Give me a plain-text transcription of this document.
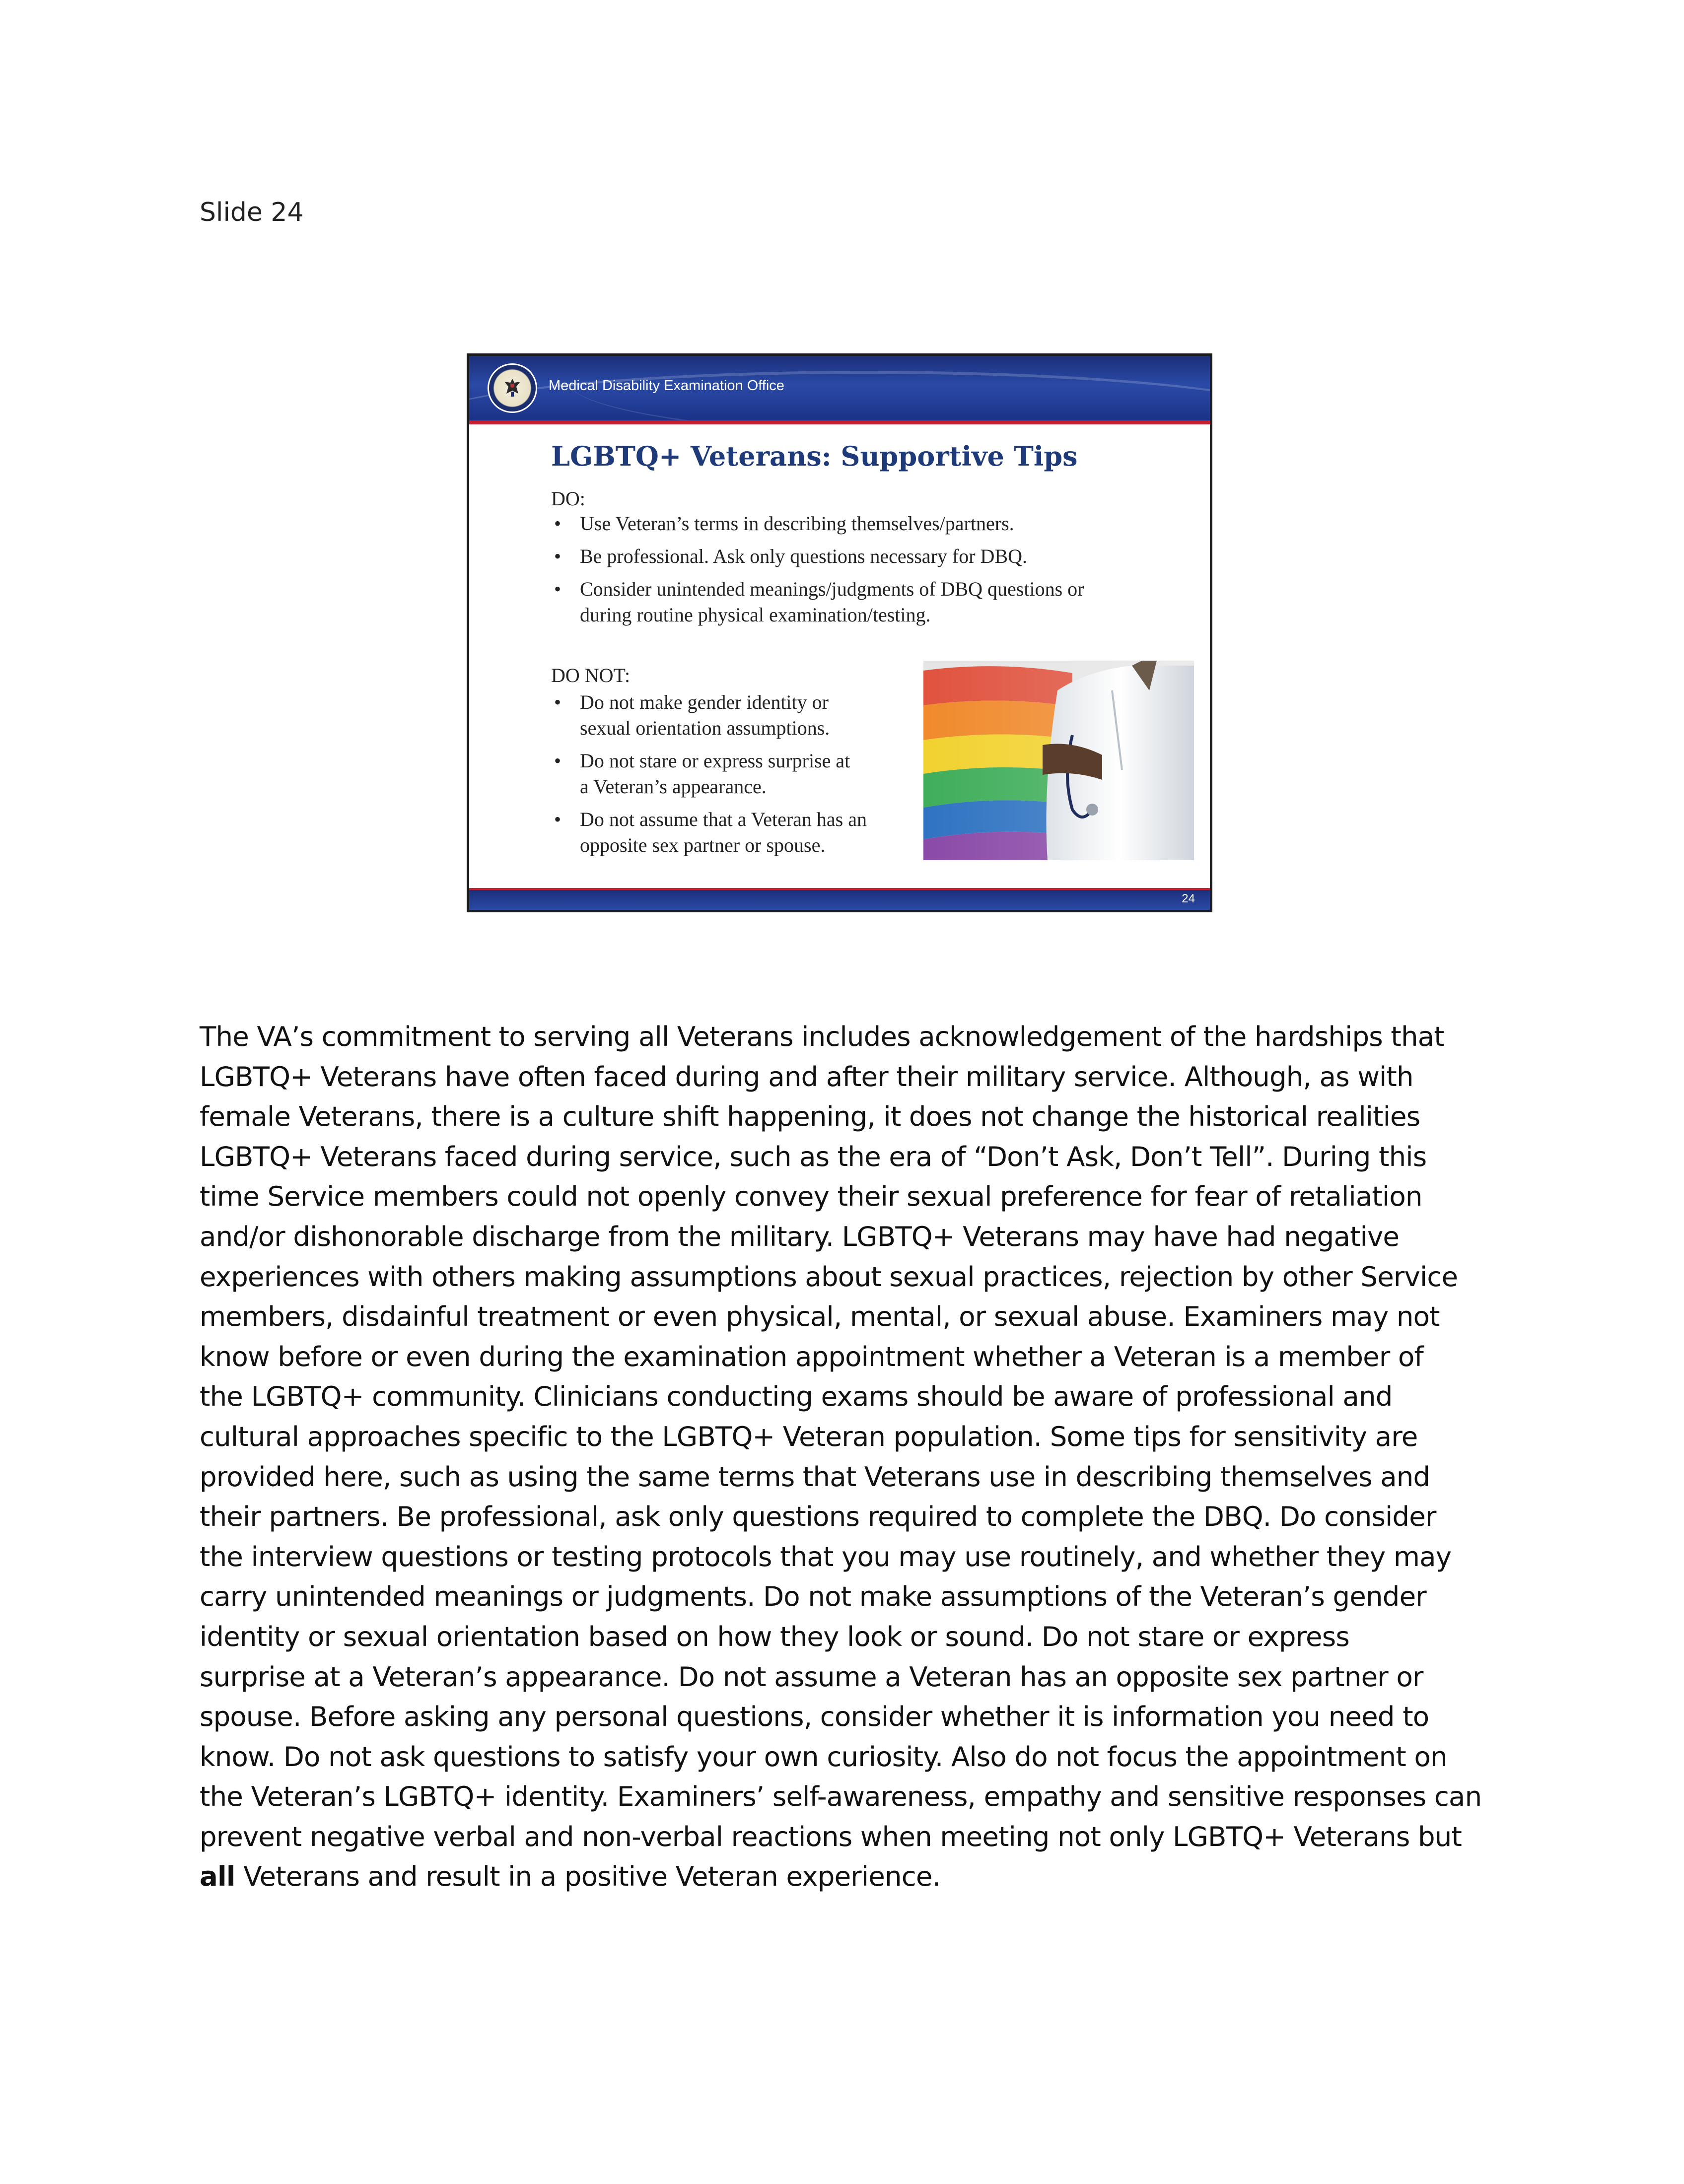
Slide 24
Medical Disability Examination Office
LGBTQ+ Veterans: Supportive Tips
DO:
• Use Veteran’s terms in describing themselves/partners.
• Be professional. Ask only questions necessary for DBQ.
• Consider unintended meanings/judgments of DBQ questions or during routine physical examination/testing.
DO NOT:
• Do not make gender identity or sexual orientation assumptions.
• Do not stare or express surprise at a Veteran’s appearance.
• Do not assume that a Veteran has an opposite sex partner or spouse.
24

The VA’s commitment to serving all Veterans includes acknowledgement of the hardships that
LGBTQ+ Veterans have often faced during and after their military service. Although, as with
female Veterans, there is a culture shift happening, it does not change the historical realities
LGBTQ+ Veterans faced during service, such as the era of “Don’t Ask, Don’t Tell”. During this
time Service members could not openly convey their sexual preference for fear of retaliation
and/or dishonorable discharge from the military. LGBTQ+ Veterans may have had negative
experiences with others making assumptions about sexual practices, rejection by other Service
members, disdainful treatment or even physical, mental, or sexual abuse. Examiners may not
know before or even during the examination appointment whether a Veteran is a member of
the LGBTQ+ community. Clinicians conducting exams should be aware of professional and
cultural approaches specific to the LGBTQ+ Veteran population. Some tips for sensitivity are
provided here, such as using the same terms that Veterans use in describing themselves and
their partners. Be professional, ask only questions required to complete the DBQ. Do consider
the interview questions or testing protocols that you may use routinely, and whether they may
carry unintended meanings or judgments. Do not make assumptions of the Veteran’s gender
identity or sexual orientation based on how they look or sound. Do not stare or express
surprise at a Veteran’s appearance. Do not assume a Veteran has an opposite sex partner or
spouse. Before asking any personal questions, consider whether it is information you need to
know. Do not ask questions to satisfy your own curiosity. Also do not focus the appointment on
the Veteran’s LGBTQ+ identity. Examiners’ self-awareness, empathy and sensitive responses can
prevent negative verbal and non-verbal reactions when meeting not only LGBTQ+ Veterans but
all Veterans and result in a positive Veteran experience.
